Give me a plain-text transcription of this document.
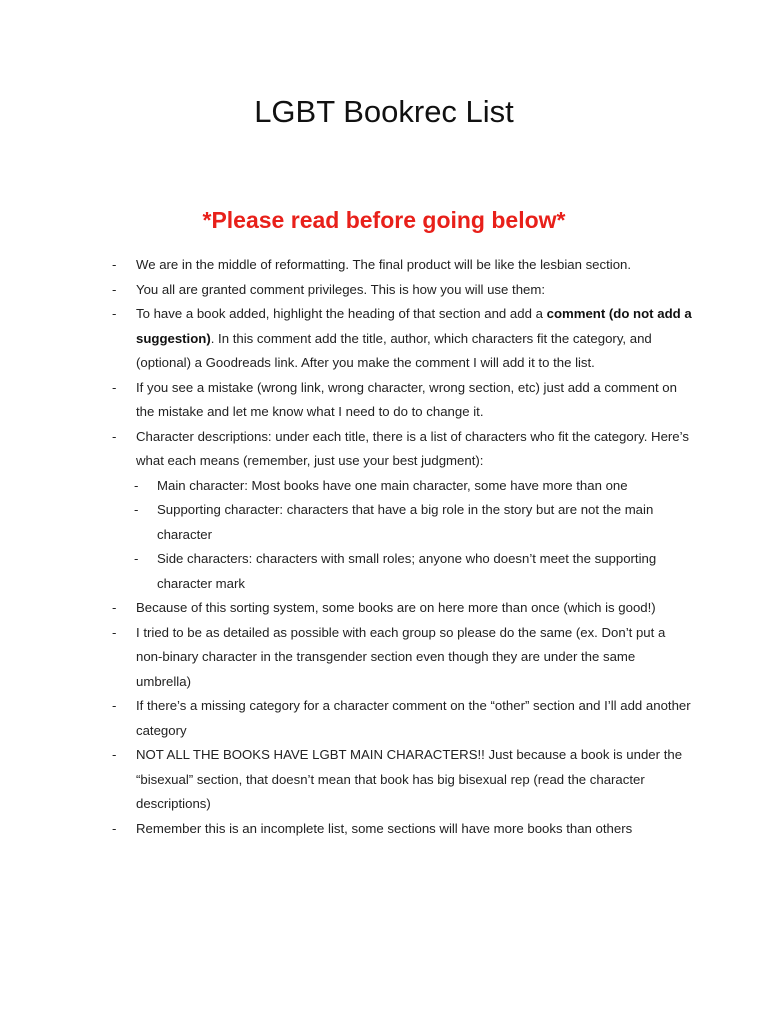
LGBT Bookrec List
*Please read before going below*
- We are in the middle of reformatting. The final product will be like the lesbian section.
- You all are granted comment privileges. This is how you will use them:
- To have a book added, highlight the heading of that section and add a comment (do not add a suggestion). In this comment add the title, author, which characters fit the category, and (optional) a Goodreads link. After you make the comment I will add it to the list.
- If you see a mistake (wrong link, wrong character, wrong section, etc) just add a comment on the mistake and let me know what I need to do to change it.
- Character descriptions: under each title, there is a list of characters who fit the category. Here’s what each means (remember, just use your best judgment):
- Main character: Most books have one main character, some have more than one
- Supporting character: characters that have a big role in the story but are not the main character
- Side characters: characters with small roles; anyone who doesn’t meet the supporting character mark
- Because of this sorting system, some books are on here more than once (which is good!)
- I tried to be as detailed as possible with each group so please do the same (ex. Don’t put a non-binary character in the transgender section even though they are under the same umbrella)
- If there’s a missing category for a character comment on the “other” section and I’ll add another category
- NOT ALL THE BOOKS HAVE LGBT MAIN CHARACTERS!! Just because a book is under the “bisexual” section, that doesn’t mean that book has big bisexual rep (read the character descriptions)
- Remember this is an incomplete list, some sections will have more books than others
